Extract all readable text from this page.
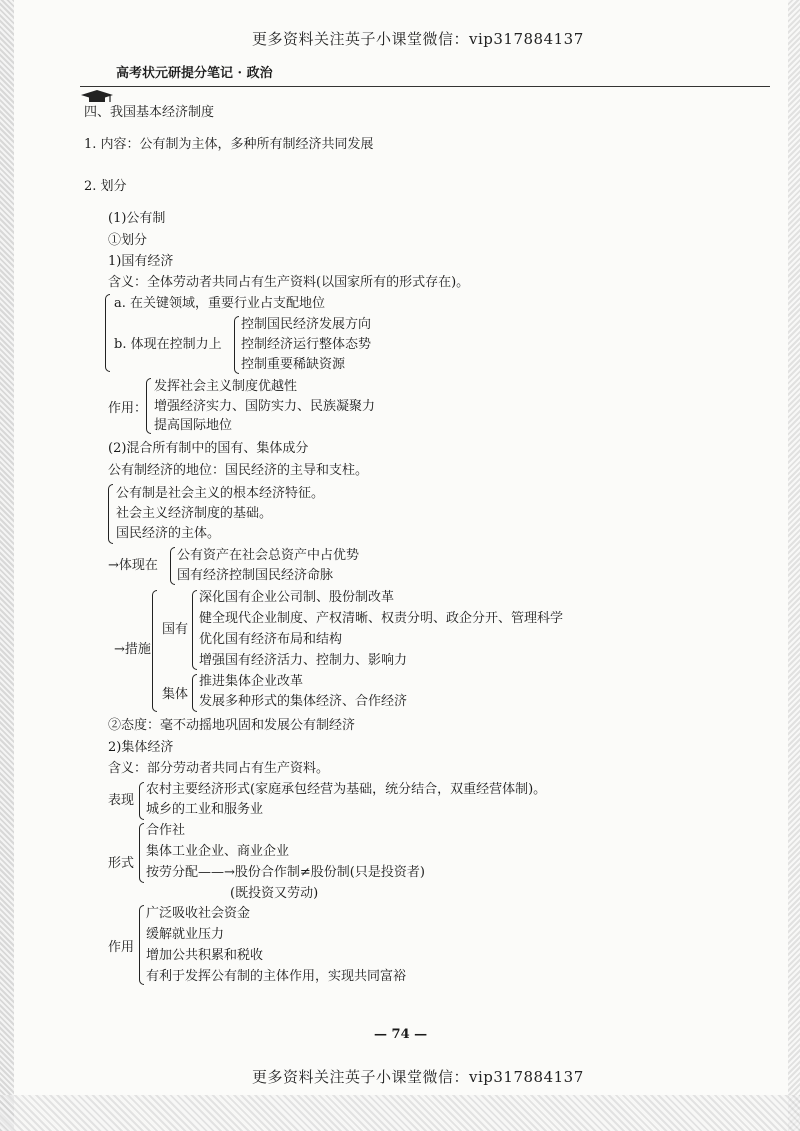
更多资料关注英子小课堂微信：vip317884137
高考状元研提分笔记 · 政治
四、我国基本经济制度
1. 内容：公有制为主体，多种所有制经济共同发展
2. 划分
(1)公有制
①划分
1)国有经济
含义：全体劳动者共同占有生产资料(以国家所有的形式存在)。
a. 在关键领域，重要行业占支配地位
b. 体现在控制力上
控制国民经济发展方向
控制经济运行整体态势
控制重要稀缺资源
作用：
发挥社会主义制度优越性
增强经济实力、国防实力、民族凝聚力
提高国际地位
(2)混合所有制中的国有、集体成分
公有制经济的地位：国民经济的主导和支柱。
公有制是社会主义的根本经济特征。
社会主义经济制度的基础。
国民经济的主体。
→体现在
公有资产在社会总资产中占优势
国有经济控制国民经济命脉
→措施
国有
深化国有企业公司制、股份制改革
健全现代企业制度、产权清晰、权责分明、政企分开、管理科学
优化国有经济布局和结构
增强国有经济活力、控制力、影响力
集体
推进集体企业改革
发展多种形式的集体经济、合作经济
②态度：毫不动摇地巩固和发展公有制经济
2)集体经济
含义：部分劳动者共同占有生产资料。
表现
农村主要经济形式(家庭承包经营为基础，统分结合，双重经营体制)。
城乡的工业和服务业
形式
合作社
集体工业企业、商业企业
按劳分配——→股份合作制≠股份制(只是投资者)
(既投资又劳动)
作用
广泛吸收社会资金
缓解就业压力
增加公共积累和税收
有利于发挥公有制的主体作用，实现共同富裕
— 74 —
更多资料关注英子小课堂微信：vip317884137
